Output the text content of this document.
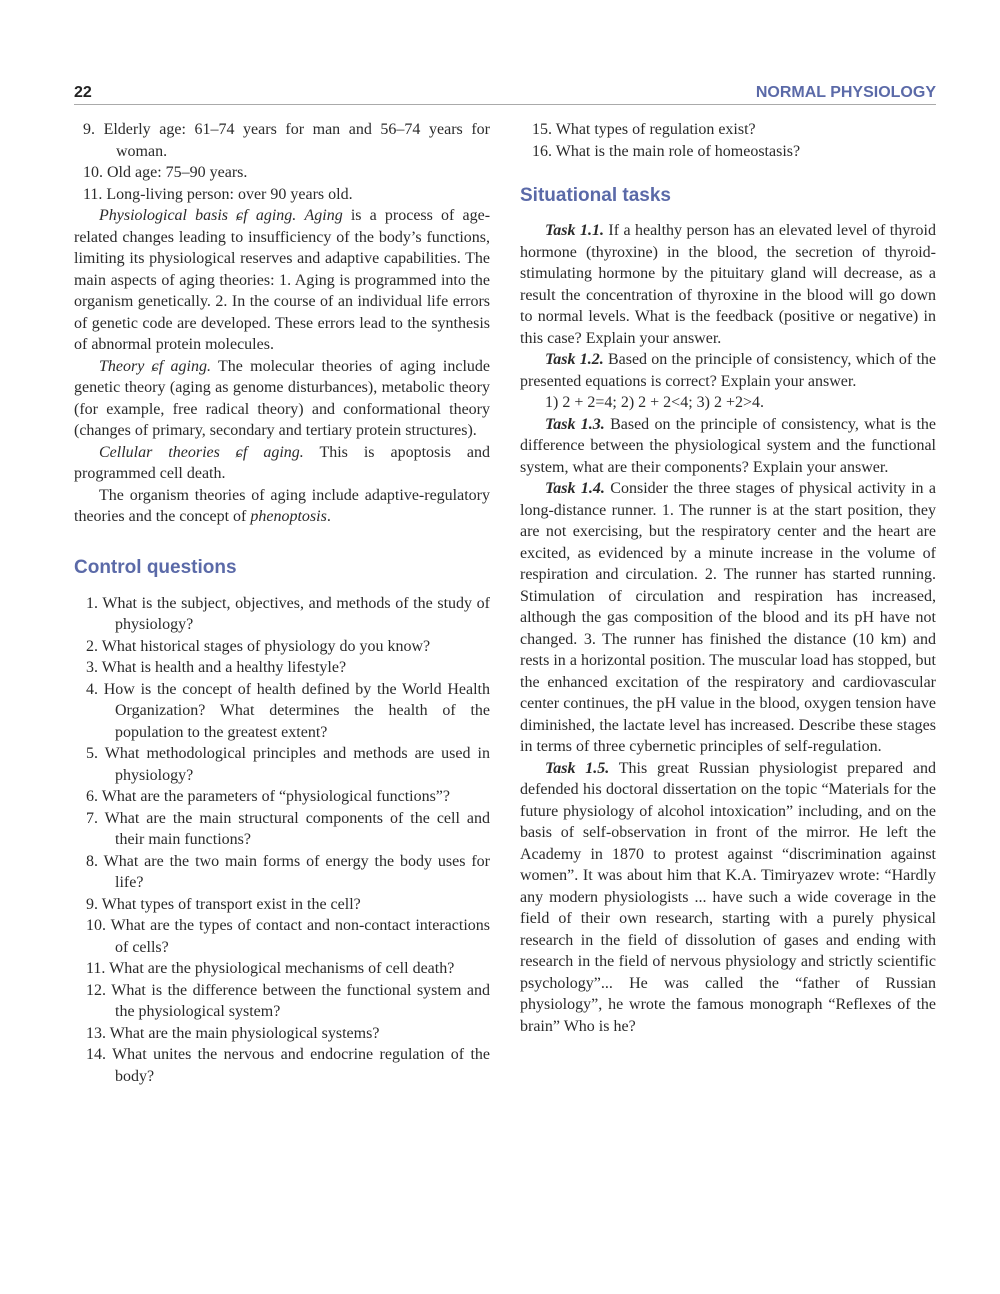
22	NORMAL PHYSIOLOGY

9. Elderly age: 61–74 years for man and 56–74 years for woman.

10. Old age: 75–90 years.

11. Long-living person: over 90 years old.

Physiological basis ɕf aging. Aging is a process of age-related changes leading to insufficiency of the body’s functions, limiting its physiological reserves and adaptive capabilities. The main aspects of aging theories: 1. Aging is programmed into the organism genetically. 2. In the course of an individual life errors of genetic code are developed. These errors lead to the synthesis of abnormal protein molecules.

Theory ɕf aging. The molecular theories of aging include genetic theory (aging as genome disturbances), metabolic theory (for example, free radical theory) and conformational theory (changes of primary, secondary and tertiary protein structures).

Cellular theories ɕf aging. This is apoptosis and programmed cell death.

The organism theories of aging include adaptive-regulatory theories and the concept of phenoptosis.

Control questions
1. What is the subject, objectives, and methods of the study of physiology?
2. What historical stages of physiology do you know?
3. What is health and a healthy lifestyle?
4. How is the concept of health defined by the World Health Organization? What determines the health of the population to the greatest extent?
5. What methodological principles and methods are used in physiology?
6. What are the parameters of “physiological functions”?
7. What are the main structural components of the cell and their main functions?
8. What are the two main forms of energy the body uses for life?
9. What types of transport exist in the cell?
10. What are the types of contact and non-contact interactions of cells?
11. What are the physiological mechanisms of cell death?
12. What is the difference between the functional system and the physiological system?
13. What are the main physiological systems?
14. What unites the nervous and endocrine regulation of the body?
15. What types of regulation exist?
16. What is the main role of homeostasis?
Situational tasks

Task 1.1. If a healthy person has an elevated level of thyroid hormone (thyroxine) in the blood, the secretion of thyroid-stimulating hormone by the pituitary gland will decrease, as a result the concentration of thyroxine in the blood will go down to normal levels. What is the feedback (positive or negative) in this case? Explain your answer.

Task 1.2. Based on the principle of consistency, which of the presented equations is correct? Explain your answer.

1) 2 + 2=4; 2) 2 + 2<4; 3) 2 +2>4.

Task 1.3. Based on the principle of consistency, what is the difference between the physiological system and the functional system, what are their components? Explain your answer.

Task 1.4. Consider the three stages of physical activity in a long-distance runner. 1. The runner is at the start position, they are not exercising, but the respiratory center and the heart are excited, as evidenced by a minute increase in the volume of respiration and circulation. 2. The runner has started running. Stimulation of circulation and respiration has increased, although the gas composition of the blood and its pH have not changed. 3. The runner has finished the distance (10 km) and rests in a horizontal position. The muscular load has stopped, but the enhanced excitation of the respiratory and cardiovascular center continues, the pH value in the blood, oxygen tension have diminished, the lactate level has increased. Describe these stages in terms of three cybernetic principles of self-regulation.

Task 1.5. This great Russian physiologist prepared and defended his doctoral dissertation on the topic “Materials for the future physiology of alcohol intoxication” including, and on the basis of self-observation in front of the mirror. He left the Academy in 1870 to protest against “discrimination against women”. It was about him that K.A. Timiryazev wrote: “Hardly any modern physiologists ... have such a wide coverage in the field of their own research, starting with a purely physical research in the field of dissolution of gases and ending with research in the field of nervous physiology and strictly scientific psychology”... He was called the “father of Russian physiology”, he wrote the famous monograph “Reflexes of the brain” Who is he?
